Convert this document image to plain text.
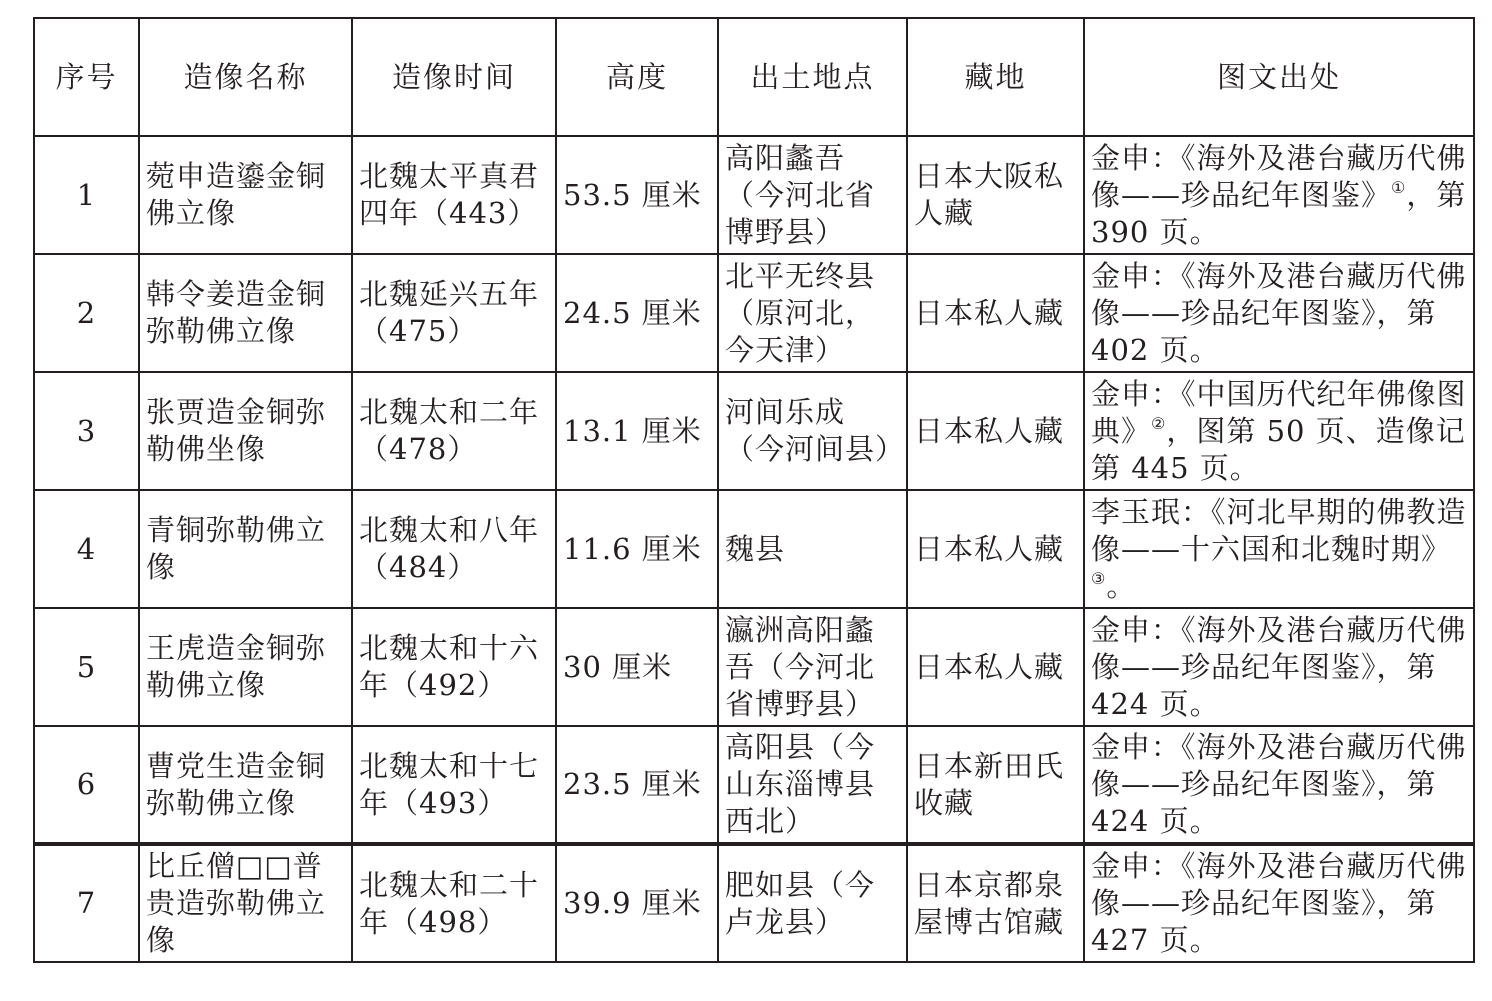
序号	造像名称	造像时间	高度	出土地点	藏地	图文出处
1	菀申造鎏金铜佛立像	北魏太平真君四年（443）	53.5 厘米	高阳蠡吾（今河北省博野县）	日本大阪私人藏	金申：《海外及港台藏历代佛像——珍品纪年图鉴》①，第 390 页。
2	韩令姜造金铜弥勒佛立像	北魏延兴五年（475）	24.5 厘米	北平无终县（原河北，今天津）	日本私人藏	金申：《海外及港台藏历代佛像——珍品纪年图鉴》，第 402 页。
3	张贾造金铜弥勒佛坐像	北魏太和二年（478）	13.1 厘米	河间乐成（今河间县）	日本私人藏	金申：《中国历代纪年佛像图典》②，图第 50 页、造像记第 445 页。
4	青铜弥勒佛立像	北魏太和八年（484）	11.6 厘米	魏县	日本私人藏	李玉珉：《河北早期的佛教造像——十六国和北魏时期》③。
5	王虎造金铜弥勒佛立像	北魏太和十六年（492）	30 厘米	瀛洲高阳蠡吾（今河北省博野县）	日本私人藏	金申：《海外及港台藏历代佛像——珍品纪年图鉴》，第 424 页。
6	曹党生造金铜弥勒佛立像	北魏太和十七年（493）	23.5 厘米	高阳县（今山东淄博县西北）	日本新田氏收藏	金申：《海外及港台藏历代佛像——珍品纪年图鉴》，第 424 页。
7	比丘僧□□普贵造弥勒佛立像	北魏太和二十年（498）	39.9 厘米	肥如县（今卢龙县）	日本京都泉屋博古馆藏	金申：《海外及港台藏历代佛像——珍品纪年图鉴》，第 427 页。
